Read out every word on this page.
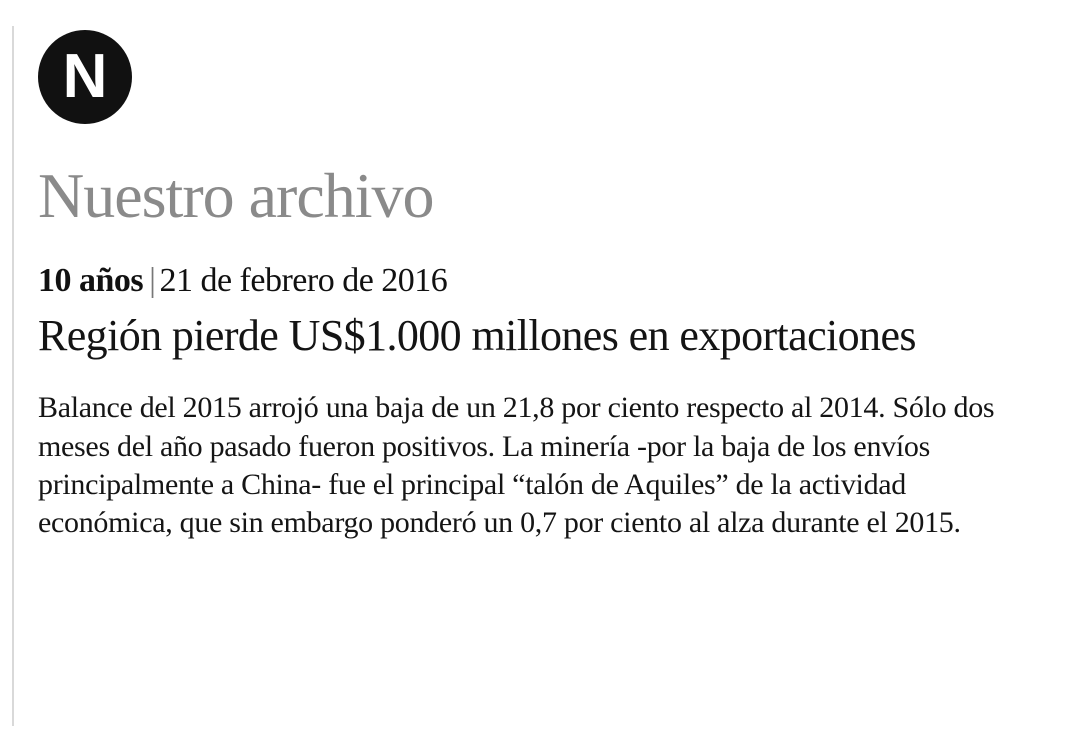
N
Nuestro archivo
10 años | 21 de febrero de 2016
Región pierde US$1.000 millones en exportaciones
Balance del 2015 arrojó una baja de un 21,8 por ciento respecto al 2014. Sólo dos meses del año pasado fueron positivos. La minería -por la baja de los envíos principalmente a China- fue el principal “talón de Aquiles” de la actividad económica, que sin embargo ponderó un 0,7 por ciento al alza durante el 2015.
